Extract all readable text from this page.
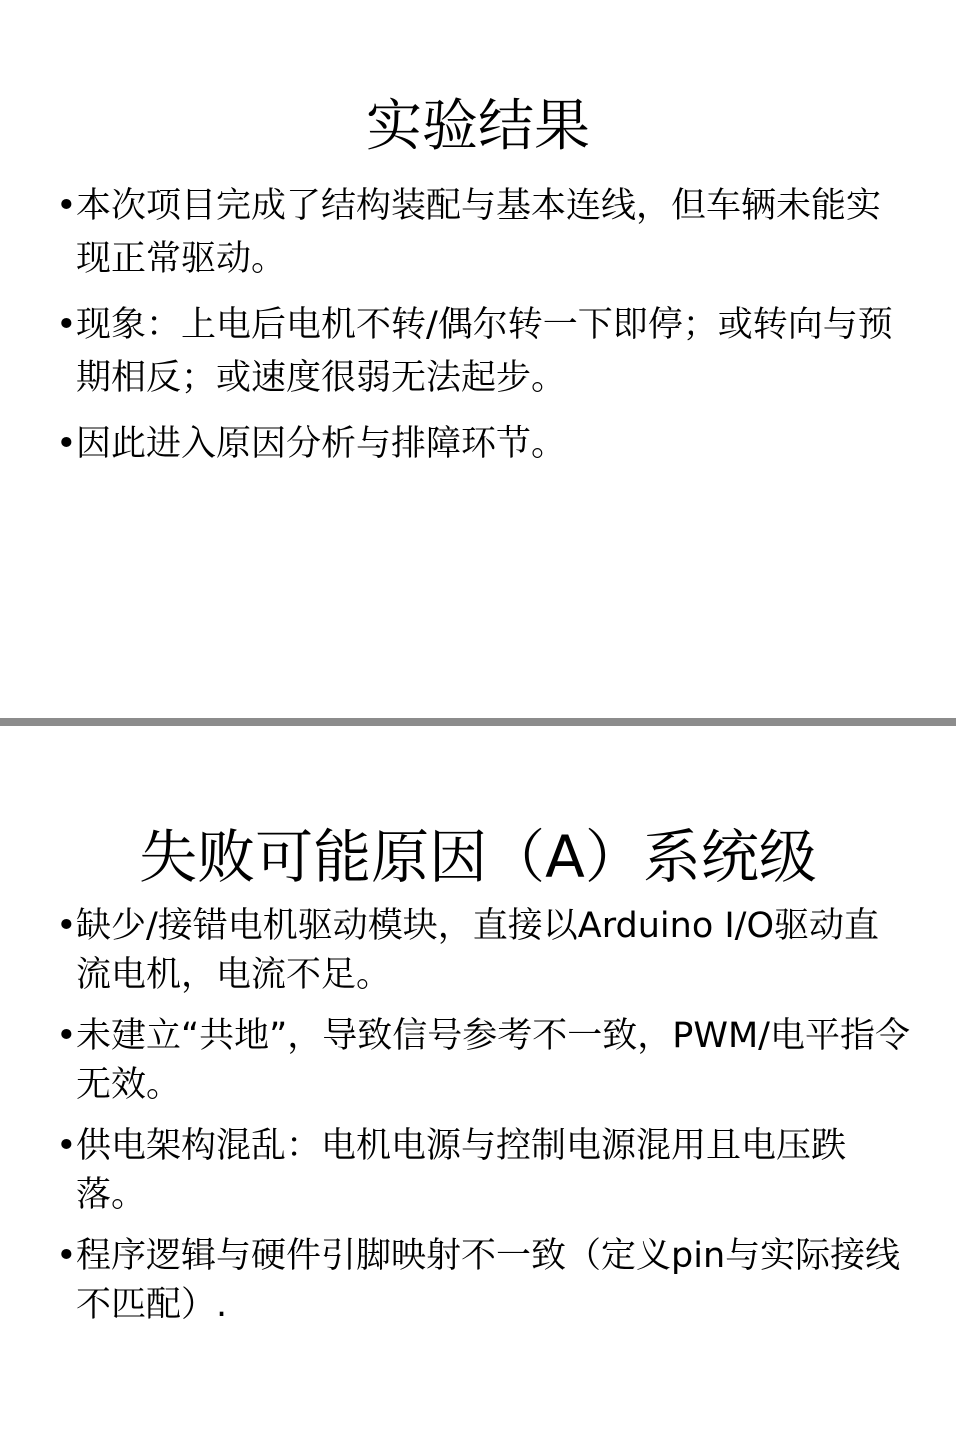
实验结果
• 本次项目完成了结构装配与基本连线，但车辆未能实现正常驱动。
• 现象：上电后电机不转/偶尔转一下即停；或转向与预期相反；或速度很弱无法起步。
• 因此进入原因分析与排障环节。
失败可能原因（A）系统级
• 缺少/接错电机驱动模块，直接以Arduino I/O驱动直流电机，电流不足。
• 未建立“共地”，导致信号参考不一致，PWM/电平指令无效。
• 供电架构混乱：电机电源与控制电源混用且电压跌落。
• 程序逻辑与硬件引脚映射不一致（定义pin与实际接线不匹配）.
